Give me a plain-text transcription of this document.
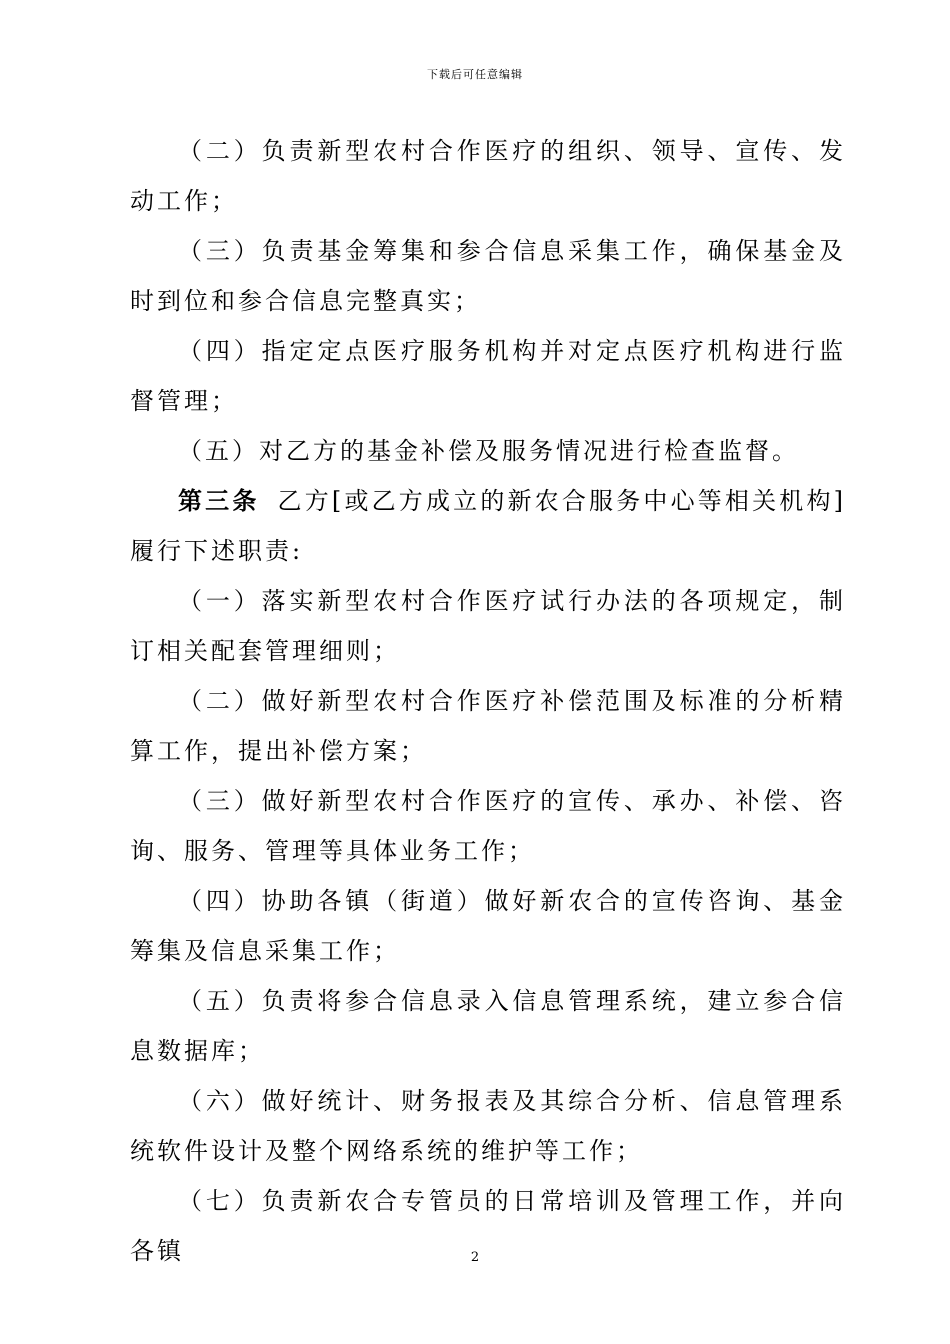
下载后可任意编辑

（二）负责新型农村合作医疗的组织、领导、宣传、发动工作；

（三）负责基金筹集和参合信息采集工作，确保基金及时到位和参合信息完整真实；

（四）指定定点医疗服务机构并对定点医疗机构进行监督管理；

（五）对乙方的基金补偿及服务情况进行检查监督。

第三条 乙方[或乙方成立的新农合服务中心等相关机构]履行下述职责:

（一）落实新型农村合作医疗试行办法的各项规定，制订相关配套管理细则；

（二）做好新型农村合作医疗补偿范围及标准的分析精算工作，提出补偿方案；

（三）做好新型农村合作医疗的宣传、承办、补偿、咨询、服务、管理等具体业务工作；

（四）协助各镇（街道）做好新农合的宣传咨询、基金筹集及信息采集工作；

（五）负责将参合信息录入信息管理系统，建立参合信息数据库；

（六）做好统计、财务报表及其综合分析、信息管理系统软件设计及整个网络系统的维护等工作；

（七）负责新农合专管员的日常培训及管理工作，并向各镇	2
